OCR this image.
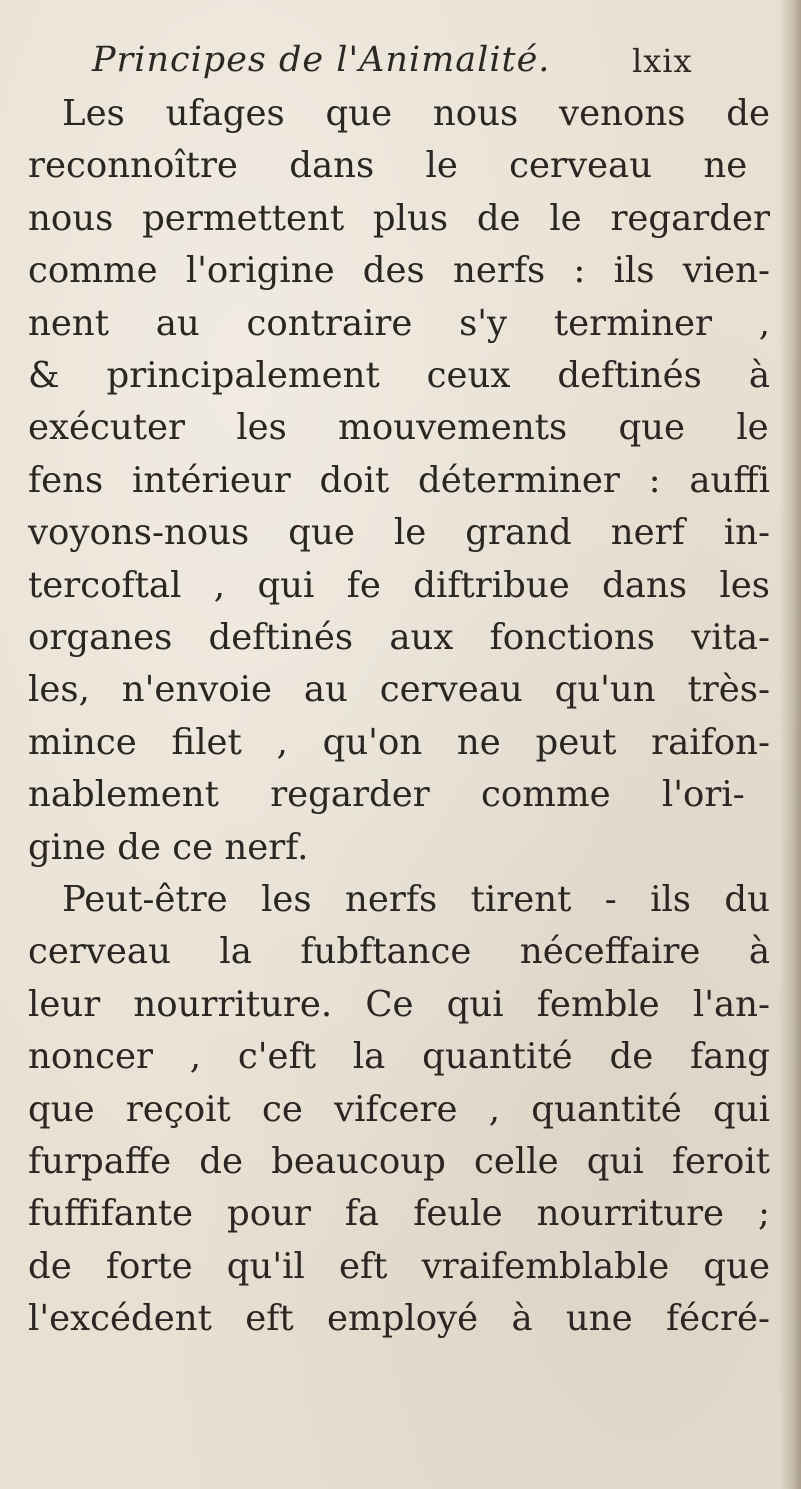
Principes de l'Animalité.	lxix
Les ufages que nous venons de
reconnoître dans le cerveau ne
nous permettent plus de le regarder
comme l'origine des nerfs : ils vien-
nent au contraire s'y terminer ,
& principalement ceux deftinés à
exécuter les mouvements que le
fens intérieur doit déterminer : auffi
voyons-nous que le grand nerf in-
tercoftal , qui fe diftribue dans les
organes deftinés aux fonctions vita-
les, n'envoie au cerveau qu'un très-
mince filet , qu'on ne peut raifon-
nablement regarder comme l'ori-
gine de ce nerf.
Peut-être les nerfs tirent - ils du
cerveau la fubftance néceffaire à
leur nourriture. Ce qui femble l'an-
noncer , c'eft la quantité de fang
que reçoit ce vifcere , quantité qui
furpaffe de beaucoup celle qui feroit
fuffifante pour fa feule nourriture ;
de forte qu'il eft vraifemblable que
l'excédent eft employé à une fécré-
